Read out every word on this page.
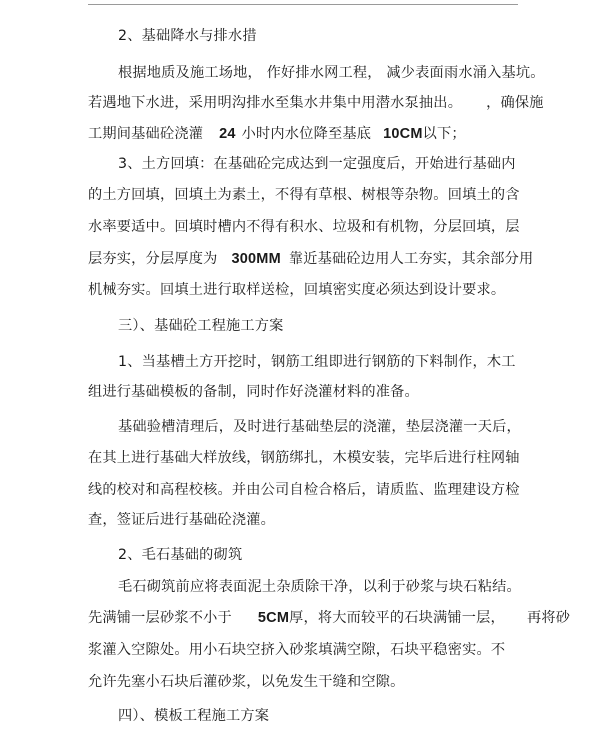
2、基础降水与排水措
根据地质及施工场地， 作好排水网工程， 减少表面雨水涌入基坑。
若遇地下水进，采用明沟排水至集水井集中用潜水泵抽出。 ，确保施
工期间基础砼浇灌 24 小时内水位降至基底 10CM以下；
3、土方回填：在基础砼完成达到一定强度后，开始进行基础内
的土方回填，回填土为素土，不得有草根、树根等杂物。回填土的含
水率要适中。回填时槽内不得有积水、垃圾和有机物，分层回填，层
层夯实，分层厚度为 300MM 靠近基础砼边用人工夯实，其余部分用
机械夯实。回填土进行取样送检，回填密实度必须达到设计要求。
三）、基础砼工程施工方案
1、当基槽土方开挖时，钢筋工组即进行钢筋的下料制作，木工
组进行基础模板的备制，同时作好浇灌材料的准备。
基础验槽清理后，及时进行基础垫层的浇灌，垫层浇灌一天后，
在其上进行基础大样放线，钢筋绑扎，木模安装，完毕后进行柱网轴
线的校对和高程校核。并由公司自检合格后，请质监、监理建设方检
查，签证后进行基础砼浇灌。
2、毛石基础的砌筑
毛石砌筑前应将表面泥土杂质除干净，以利于砂浆与块石粘结。
先满铺一层砂浆不小于 5CM厚，将大而较平的石块满铺一层， 再将砂
浆灌入空隙处。用小石块空挤入砂浆填满空隙，石块平稳密实。不
允许先塞小石块后灌砂浆，以免发生干缝和空隙。
四）、模板工程施工方案
